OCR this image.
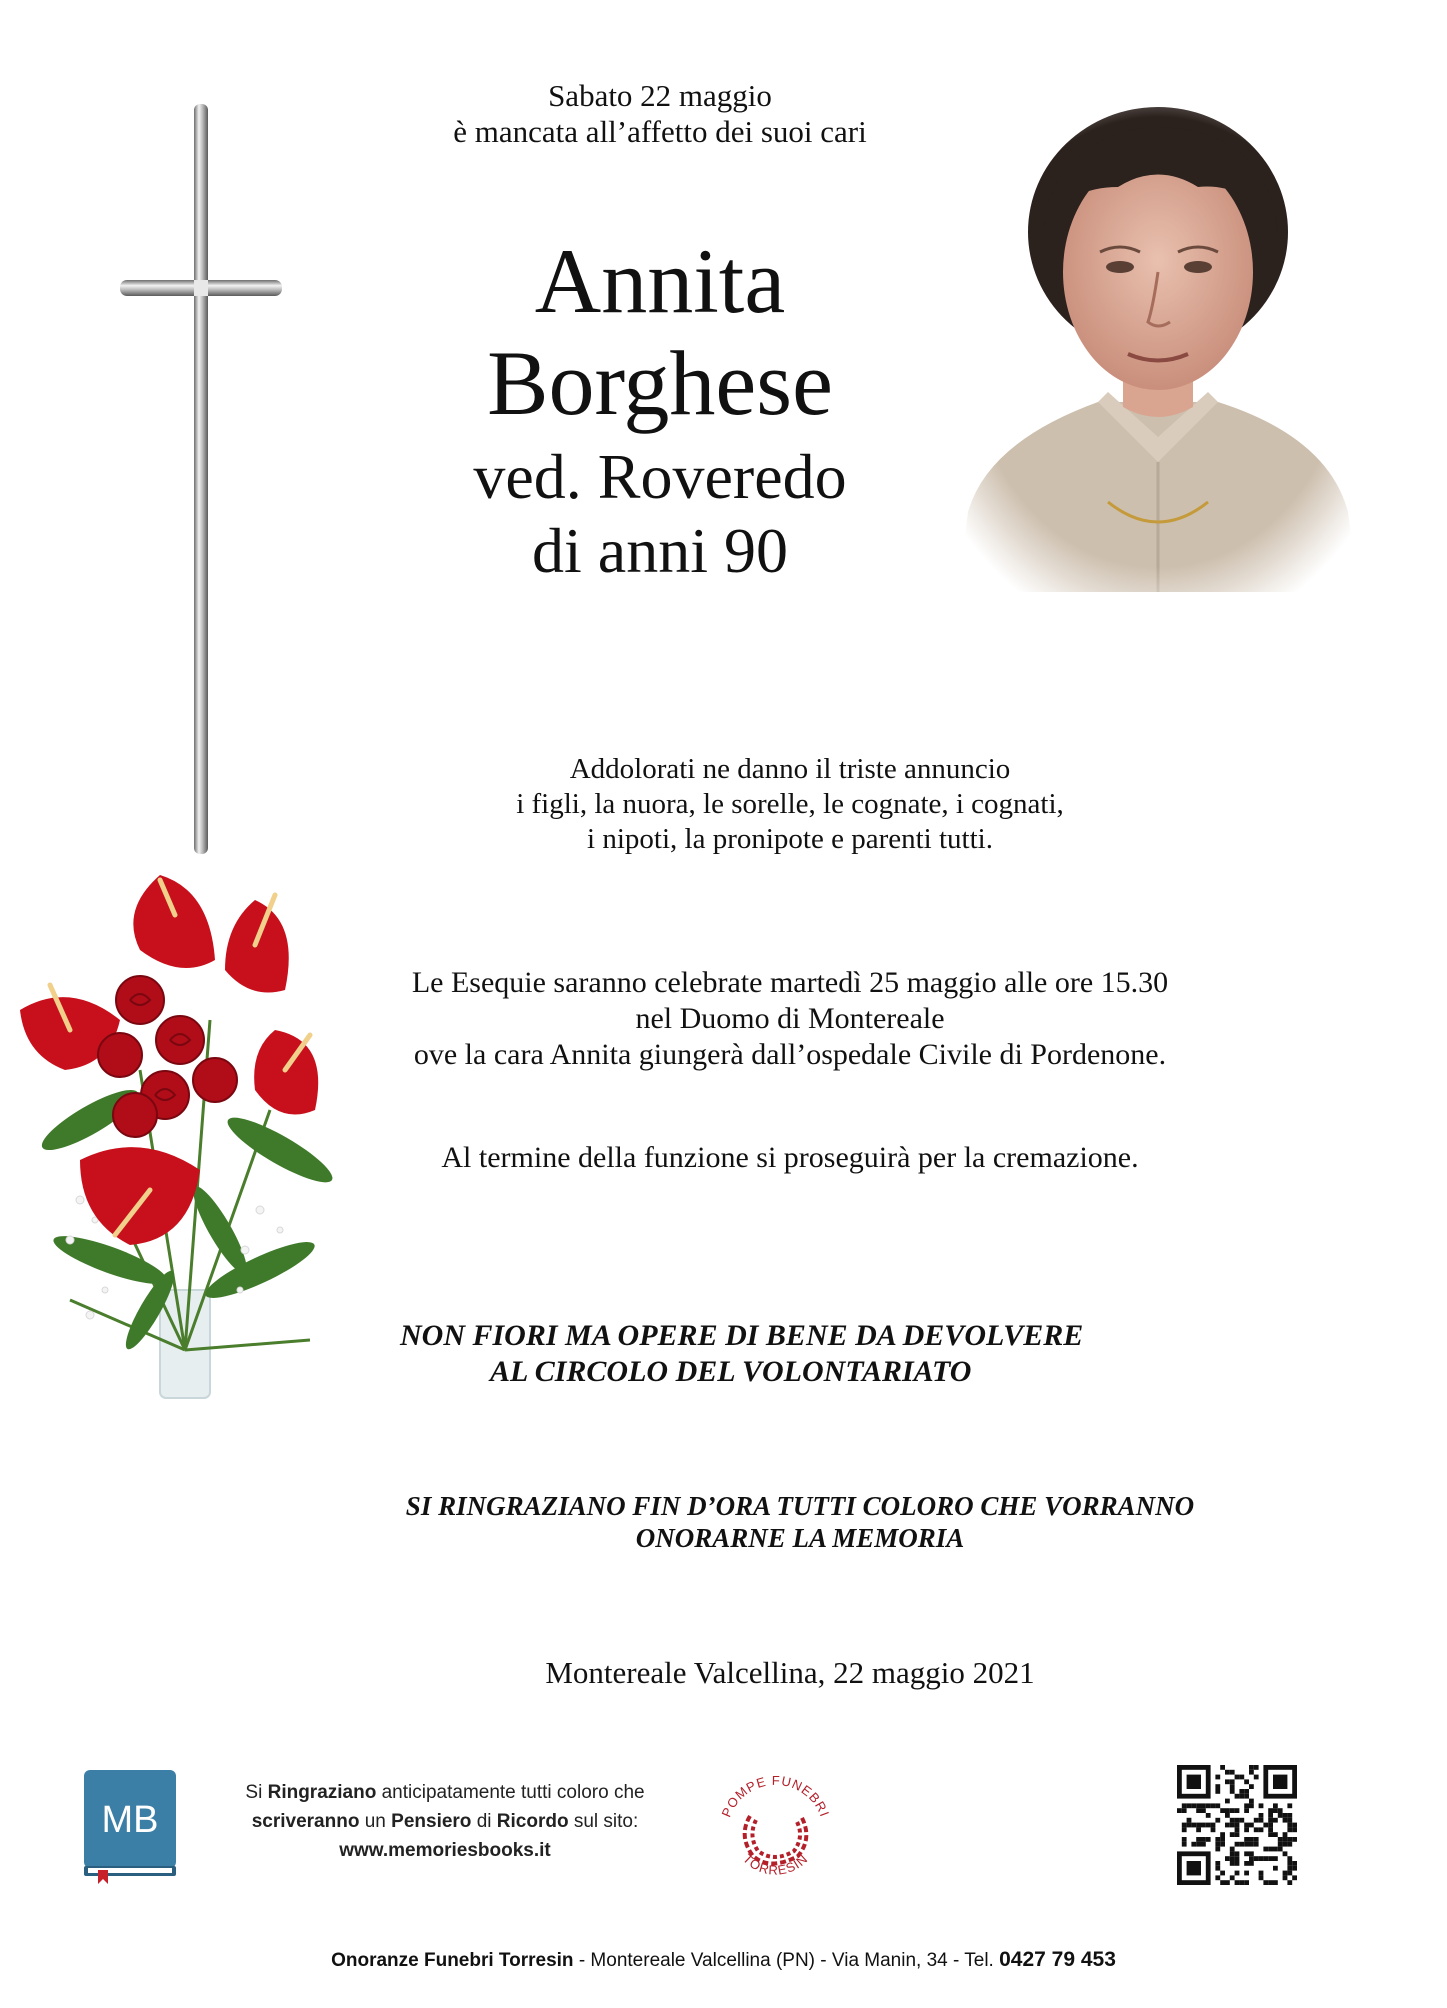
Sabato 22 maggio
è mancata all’affetto dei suoi cari
Annita
Borghese
ved. Roveredo
di anni 90
Addolorati ne danno il triste annuncio
i figli, la nuora, le sorelle, le cognate, i cognati,
i nipoti, la pronipote e parenti tutti.
Le Esequie saranno celebrate martedì 25 maggio alle ore 15.30
nel Duomo di Montereale
ove la cara Annita giungerà dall’ospedale Civile di Pordenone.
Al termine della funzione si proseguirà per la cremazione.
NON FIORI MA OPERE DI BENE DA DEVOLVERE
AL CIRCOLO DEL VOLONTARIATO
SI RINGRAZIANO FIN D’ORA TUTTI COLORO CHE VORRANNO
ONORARNE LA MEMORIA
Montereale Valcellina, 22 maggio 2021
MB
Si Ringraziano anticipatamente tutti coloro che
scriveranno un Pensiero di Ricordo sul sito:
www.memoriesbooks.it
POMPE FUNEBRI
TORRESIN
Onoranze Funebri Torresin - Montereale Valcellina (PN) - Via Manin, 34 - Tel. 0427 79 453
